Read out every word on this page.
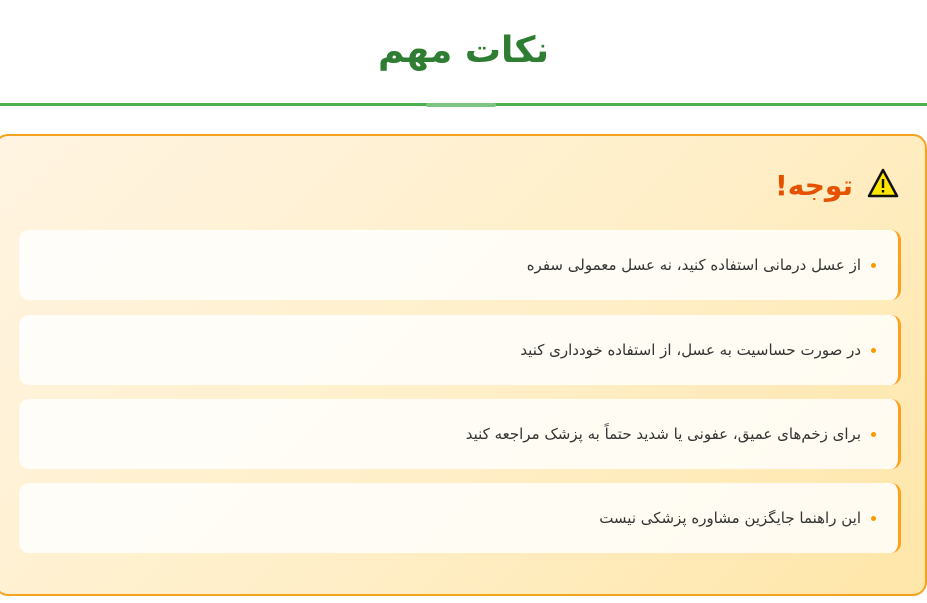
نکات مهم
توجه!
از عسل درمانی استفاده کنید، نه عسل معمولی سفره
در صورت حساسیت به عسل، از استفاده خودداری کنید
برای زخم‌های عمیق، عفونی یا شدید حتماً به پزشک مراجعه کنید
این راهنما جایگزین مشاوره پزشکی نیست
